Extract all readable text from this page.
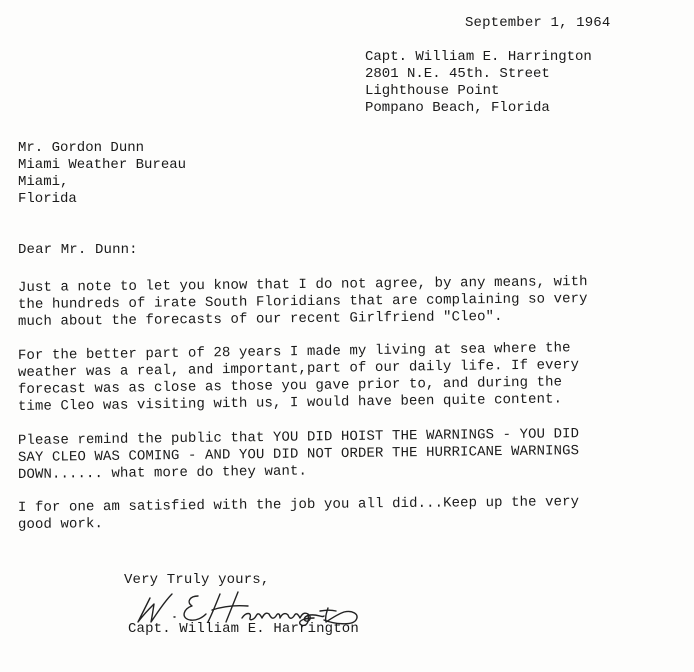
September 1, 1964
Capt. William E. Harrington
2801 N.E. 45th. Street
Lighthouse Point
Pompano Beach, Florida
Mr. Gordon Dunn
Miami Weather Bureau
Miami,
Florida
Dear Mr. Dunn:
Just a note to let you know that I do not agree, by any means, with
the hundreds of irate South Floridians that are complaining so very
much about the forecasts of our recent Girlfriend "Cleo".
For the better part of 28 years I made my living at sea where the
weather was a real, and important,part of our daily life. If every
forecast was as close as those you gave prior to, and during the
time Cleo was visiting with us, I would have been quite content.
Please remind the public that YOU DID HOIST THE WARNINGS - YOU DID
SAY CLEO WAS COMING - AND YOU DID NOT ORDER THE HURRICANE WARNINGS
DOWN...... what more do they want.
I for one am satisfied with the job you all did...Keep up the very
good work.
Very Truly yours,
Capt. William E. Harrington
